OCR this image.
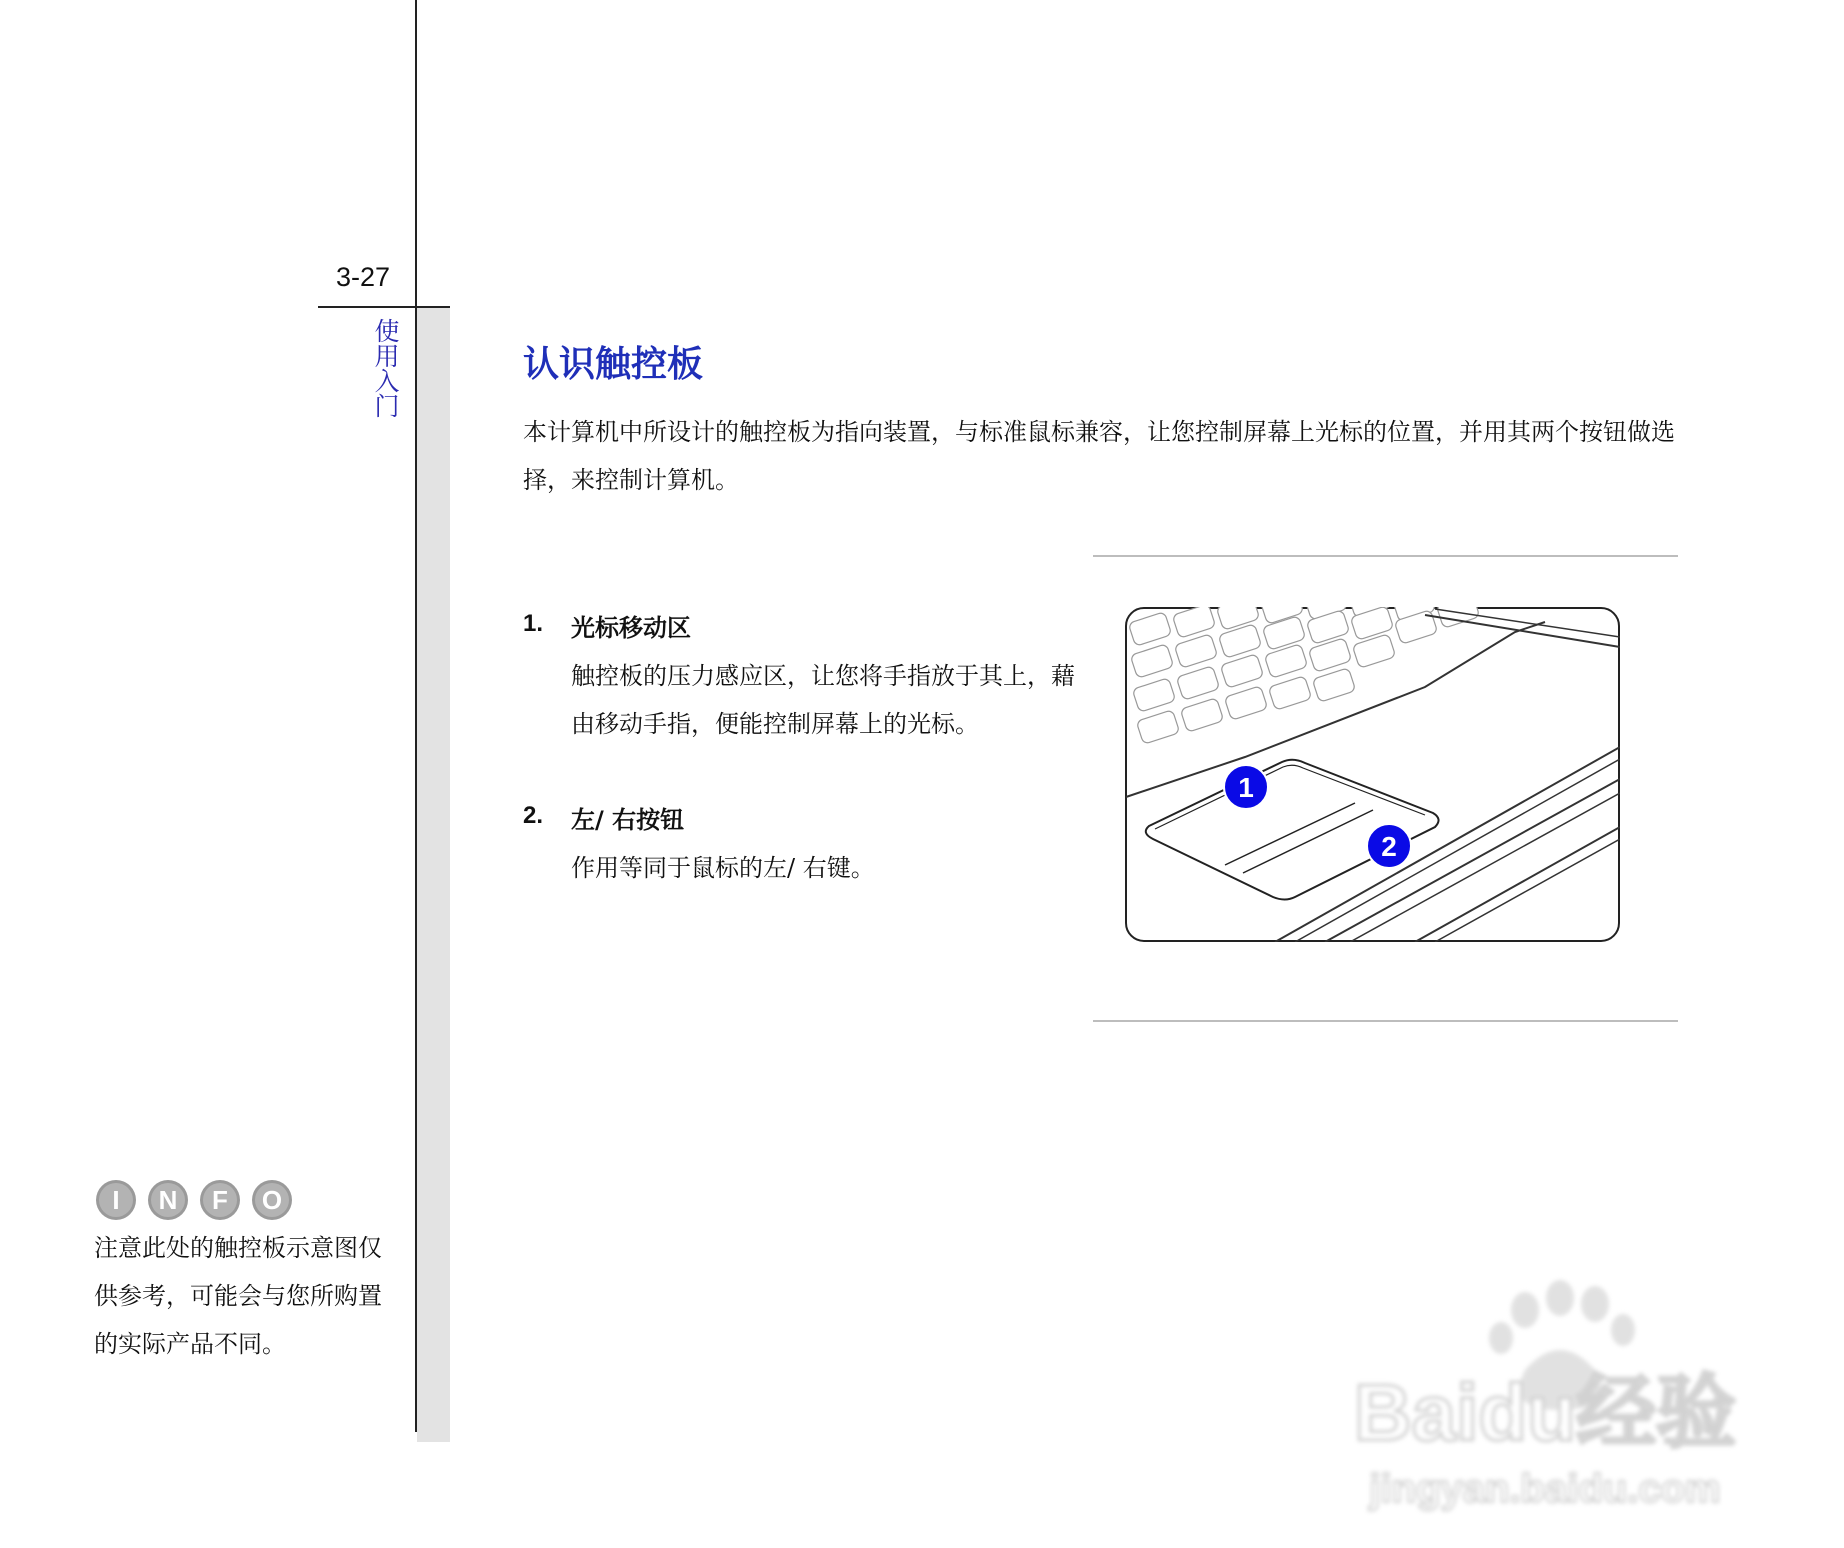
3-27
使用入门	认识触控板
本计算机中所设计的触控板为指向装置，与标准鼠标兼容，让您控制屏幕上光标的位置，并用其两个按钮做选择，来控制计算机。
1. 光标移动区
触控板的压力感应区，让您将手指放于其上，藉由移动手指，便能控制屏幕上的光标。
2. 左/ 右按钮
作用等同于鼠标的左/ 右键。
1
2
I N F O
注意此处的触控板示意图仅供参考，可能会与您所购置的实际产品不同。
Baidu经验
jingyan.baidu.com
